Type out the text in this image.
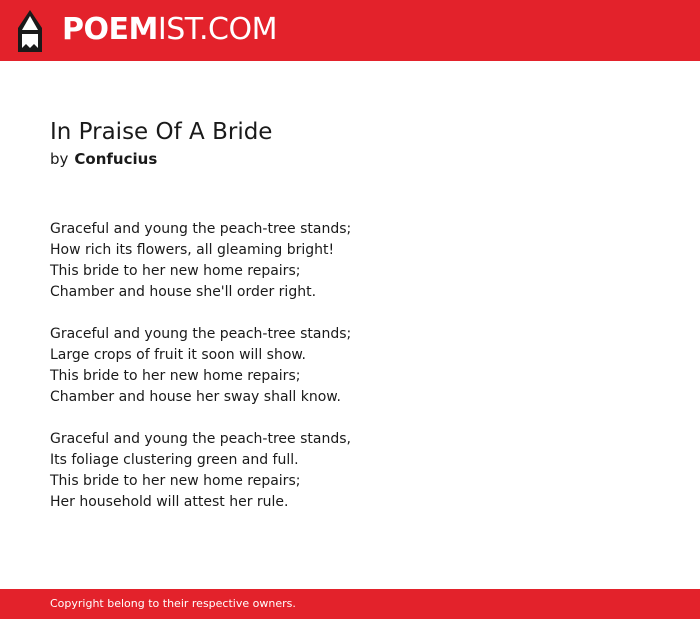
POEMIST.COM
In Praise Of A Bride
by Confucius
Graceful and young the peach-tree stands;
How rich its flowers, all gleaming bright!
This bride to her new home repairs;
Chamber and house she'll order right.
Graceful and young the peach-tree stands;
Large crops of fruit it soon will show.
This bride to her new home repairs;
Chamber and house her sway shall know.
Graceful and young the peach-tree stands,
Its foliage clustering green and full.
This bride to her new home repairs;
Her household will attest her rule.
Copyright belong to their respective owners.
